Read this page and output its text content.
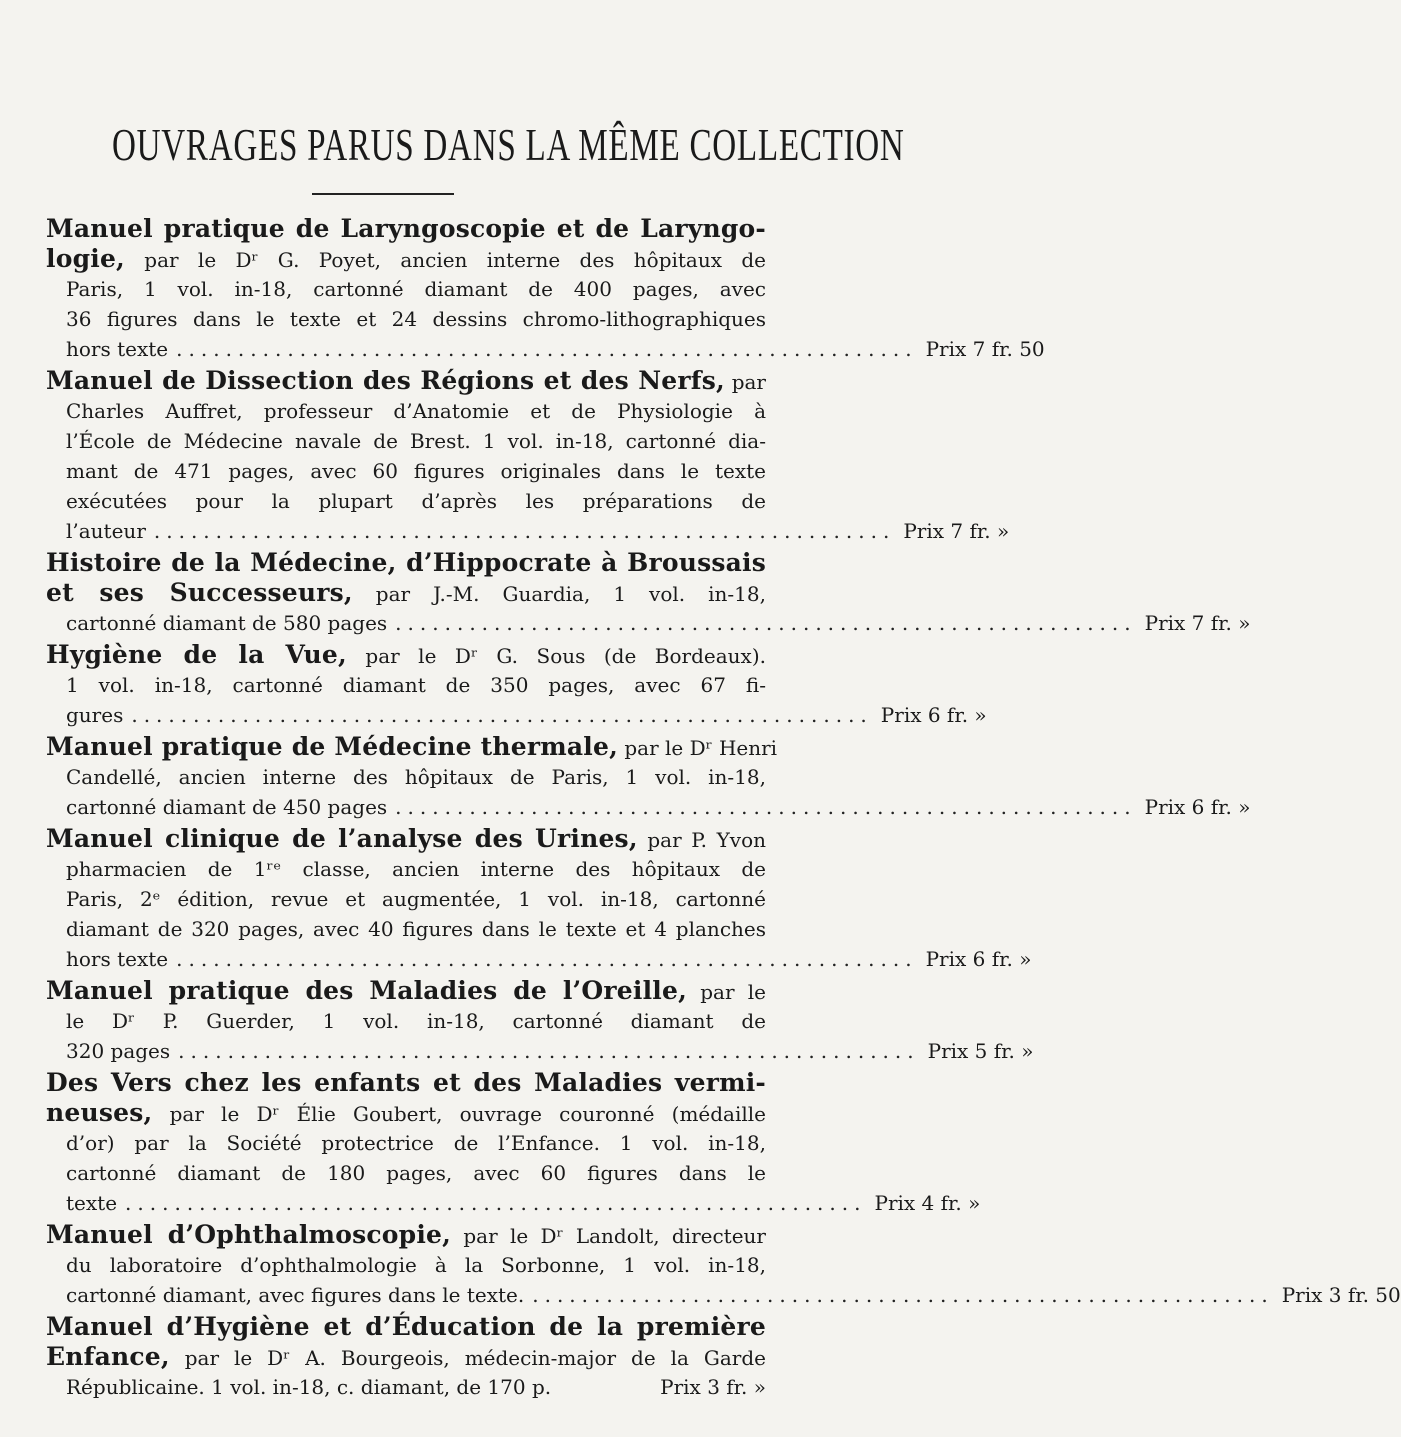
OUVRAGES PARUS DANS LA MÊME COLLECTION
Manuel pratique de Laryngoscopie et de Laryngo-
logie, par le Dʳ G. Poyet, ancien interne des hôpitaux de
Paris, 1 vol. in-18, cartonné diamant de 400 pages, avec
36 figures dans le texte et 24 dessins chromo-lithographiques
hors texte ............................................................ Prix 7 fr. 50
Manuel de Dissection des Régions et des Nerfs, par
Charles Auffret, professeur d’Anatomie et de Physiologie à
l’École de Médecine navale de Brest. 1 vol. in-18, cartonné dia-
mant de 471 pages, avec 60 figures originales dans le texte
exécutées pour la plupart d’après les préparations de
l’auteur ............................................................ Prix 7 fr. »
Histoire de la Médecine, d’Hippocrate à Broussais
et ses Successeurs, par J.-M. Guardia, 1 vol. in-18,
cartonné diamant de 580 pages ............................................................ Prix 7 fr. »
Hygiène de la Vue, par le Dʳ G. Sous (de Bordeaux).
1 vol. in-18, cartonné diamant de 350 pages, avec 67 fi-
gures ............................................................ Prix 6 fr. »
Manuel pratique de Médecine thermale, par le Dʳ Henri
Candellé, ancien interne des hôpitaux de Paris, 1 vol. in-18,
cartonné diamant de 450 pages ............................................................ Prix 6 fr. »
Manuel clinique de l’analyse des Urines, par P. Yvon
pharmacien de 1ʳᵉ classe, ancien interne des hôpitaux de
Paris, 2ᵉ édition, revue et augmentée, 1 vol. in-18, cartonné
diamant de 320 pages, avec 40 figures dans le texte et 4 planches
hors texte ............................................................ Prix 6 fr. »
Manuel pratique des Maladies de l’Oreille, par le
le Dʳ P. Guerder, 1 vol. in-18, cartonné diamant de
320 pages ............................................................ Prix 5 fr. »
Des Vers chez les enfants et des Maladies vermi-
neuses, par le Dʳ Élie Goubert, ouvrage couronné (médaille
d’or) par la Société protectrice de l’Enfance. 1 vol. in-18,
cartonné diamant de 180 pages, avec 60 figures dans le
texte ............................................................ Prix 4 fr. »
Manuel d’Ophthalmoscopie, par le Dʳ Landolt, directeur
du laboratoire d’ophthalmologie à la Sorbonne, 1 vol. in-18,
cartonné diamant, avec figures dans le texte. ............................................................ Prix 3 fr. 50
Manuel d’Hygiène et d’Éducation de la première
Enfance, par le Dʳ A. Bourgeois, médecin-major de la Garde
Républicaine. 1 vol. in-18, c. diamant, de 170 p.	Prix 3 fr. »
